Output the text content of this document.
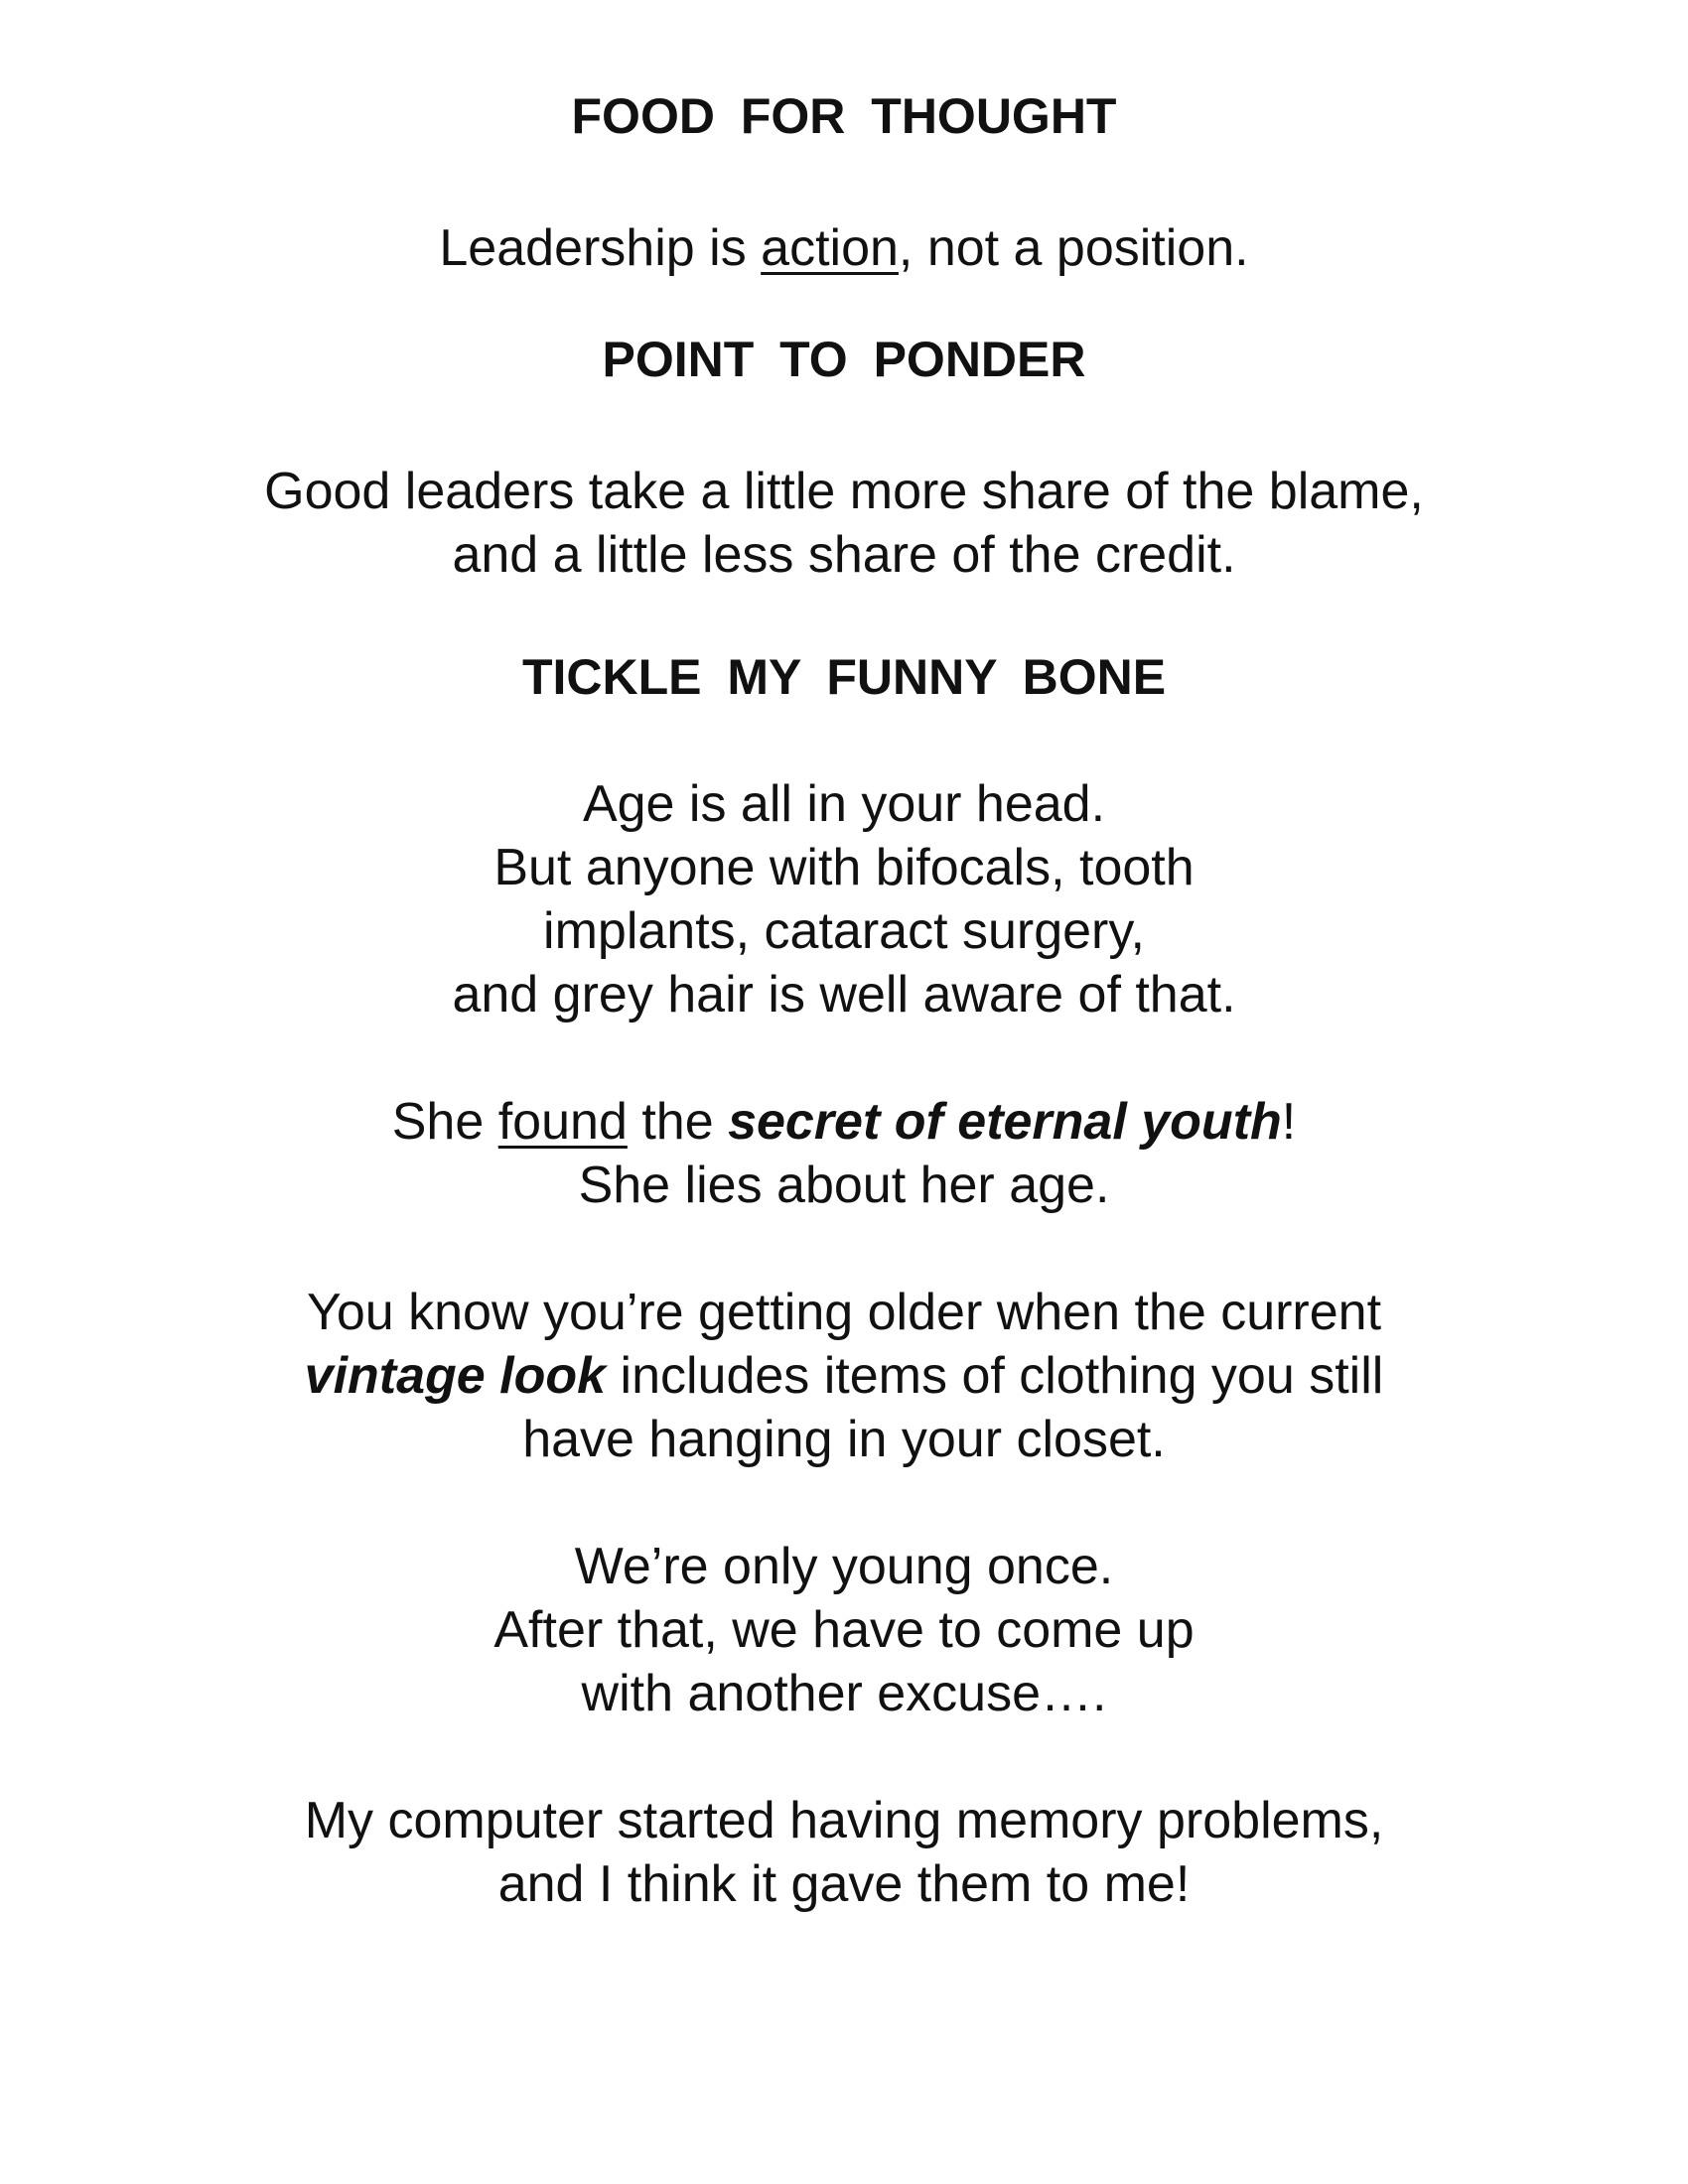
FOOD FOR THOUGHT
Leadership is action, not a position.
POINT TO PONDER
Good leaders take a little more share of the blame,
and a little less share of the credit.
TICKLE MY FUNNY BONE
Age is all in your head.
But anyone with bifocals, tooth
implants, cataract surgery,
and grey hair is well aware of that.
She found the secret of eternal youth!
She lies about her age.
You know you’re getting older when the current
vintage look includes items of clothing you still
have hanging in your closet.
We’re only young once.
After that, we have to come up
with another excuse….
My computer started having memory problems,
and I think it gave them to me!
